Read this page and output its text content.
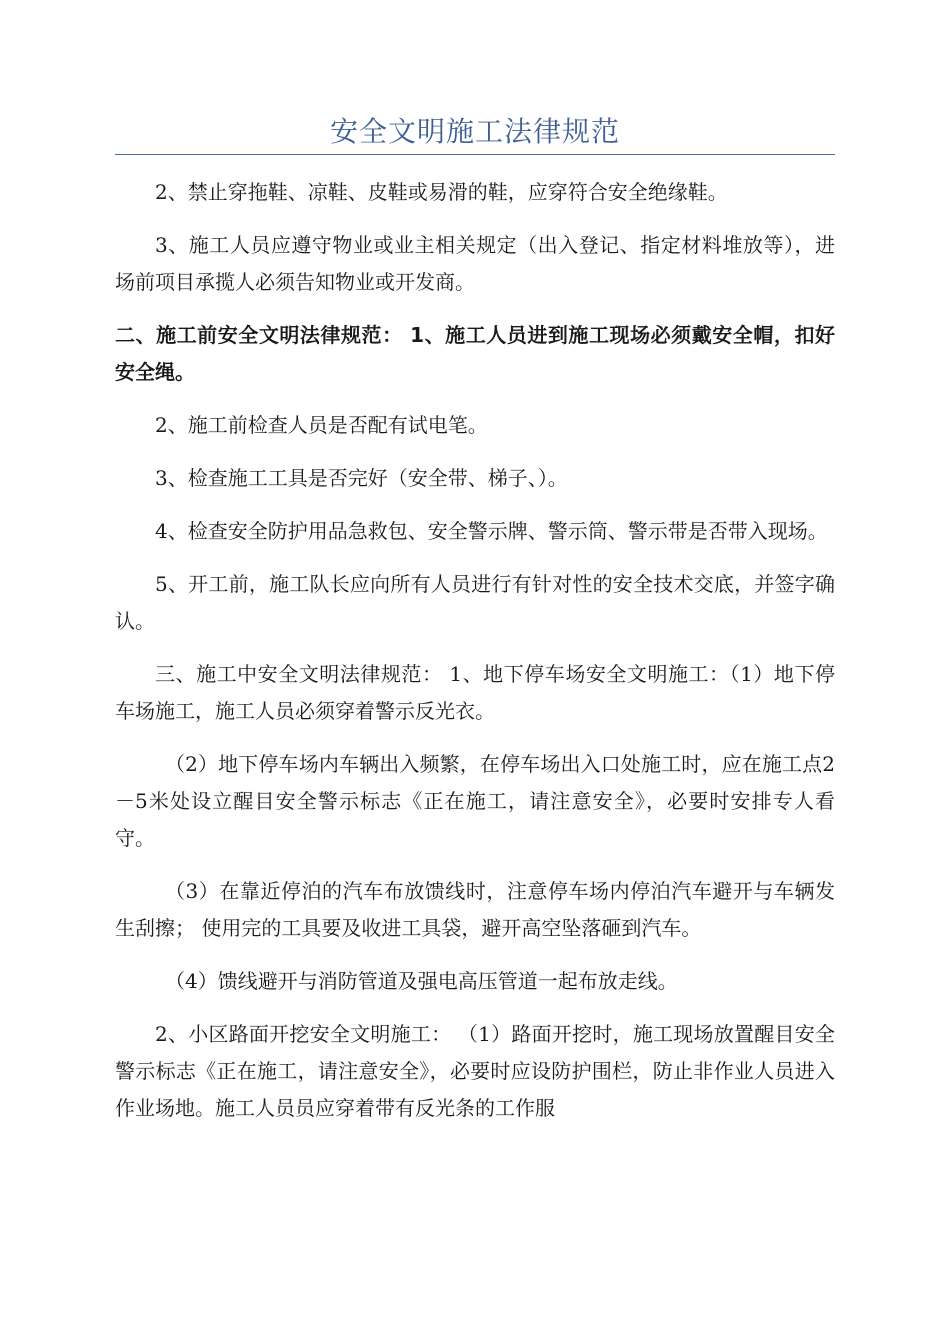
安全文明施工法律规范

2、禁止穿拖鞋、凉鞋、皮鞋或易滑的鞋，应穿符合安全绝缘鞋。

3、施工人员应遵守物业或业主相关规定（出入登记、指定材料堆放等），进场前项目承揽人必须告知物业或开发商。

二、施工前安全文明法律规范： 1、施工人员进到施工现场必须戴安全帽，扣好安全绳。

2、施工前检查人员是否配有试电笔。

3、检查施工工具是否完好（安全带、梯子、）。

4、检查安全防护用品急救包、安全警示牌、警示筒、警示带是否带入现场。

5、开工前，施工队长应向所有人员进行有针对性的安全技术交底，并签字确认。

三、施工中安全文明法律规范： 1、地下停车场安全文明施工：（1）地下停车场施工，施工人员必须穿着警示反光衣。

（2）地下停车场内车辆出入频繁，在停车场出入口处施工时，应在施工点2－5米处设立醒目安全警示标志《正在施工，请注意安全》，必要时安排专人看守。

（3）在靠近停泊的汽车布放馈线时，注意停车场内停泊汽车避开与车辆发生刮擦； 使用完的工具要及收进工具袋，避开高空坠落砸到汽车。

（4）馈线避开与消防管道及强电高压管道一起布放走线。

2、小区路面开挖安全文明施工： （1）路面开挖时，施工现场放置醒目安全警示标志《正在施工，请注意安全》，必要时应设防护围栏，防止非作业人员进入作业场地。施工人员员应穿着带有反光条的工作服
